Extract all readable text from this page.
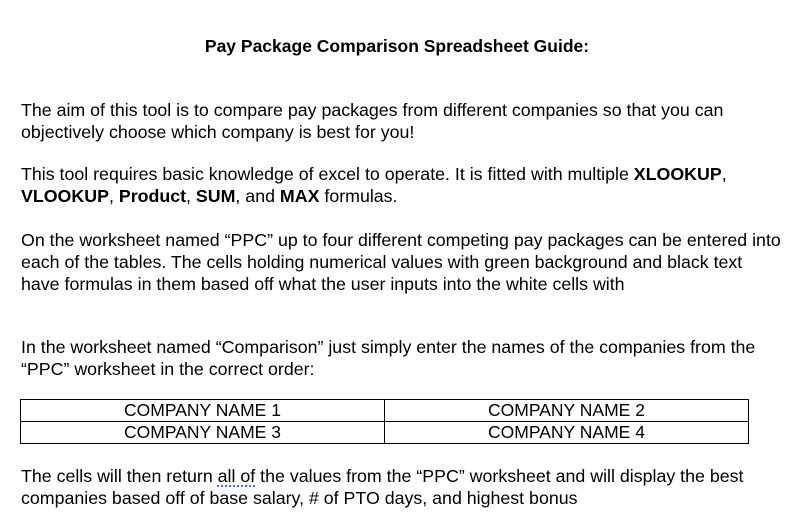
Pay Package Comparison Spreadsheet Guide:

The aim of this tool is to compare pay packages from different companies so that you can objectively choose which company is best for you!

This tool requires basic knowledge of excel to operate. It is fitted with multiple XLOOKUP, VLOOKUP, Product, SUM, and MAX formulas.

On the worksheet named “PPC” up to four different competing pay packages can be entered into each of the tables. The cells holding numerical values with green background and black text have formulas in them based off what the user inputs into the white cells with

In the worksheet named “Comparison” just simply enter the names of the companies from the “PPC” worksheet in the correct order:

COMPANY NAME 1	COMPANY NAME 2
COMPANY NAME 3	COMPANY NAME 4

The cells will then return all of the values from the “PPC” worksheet and will display the best companies based off of base salary, # of PTO days, and highest bonus
